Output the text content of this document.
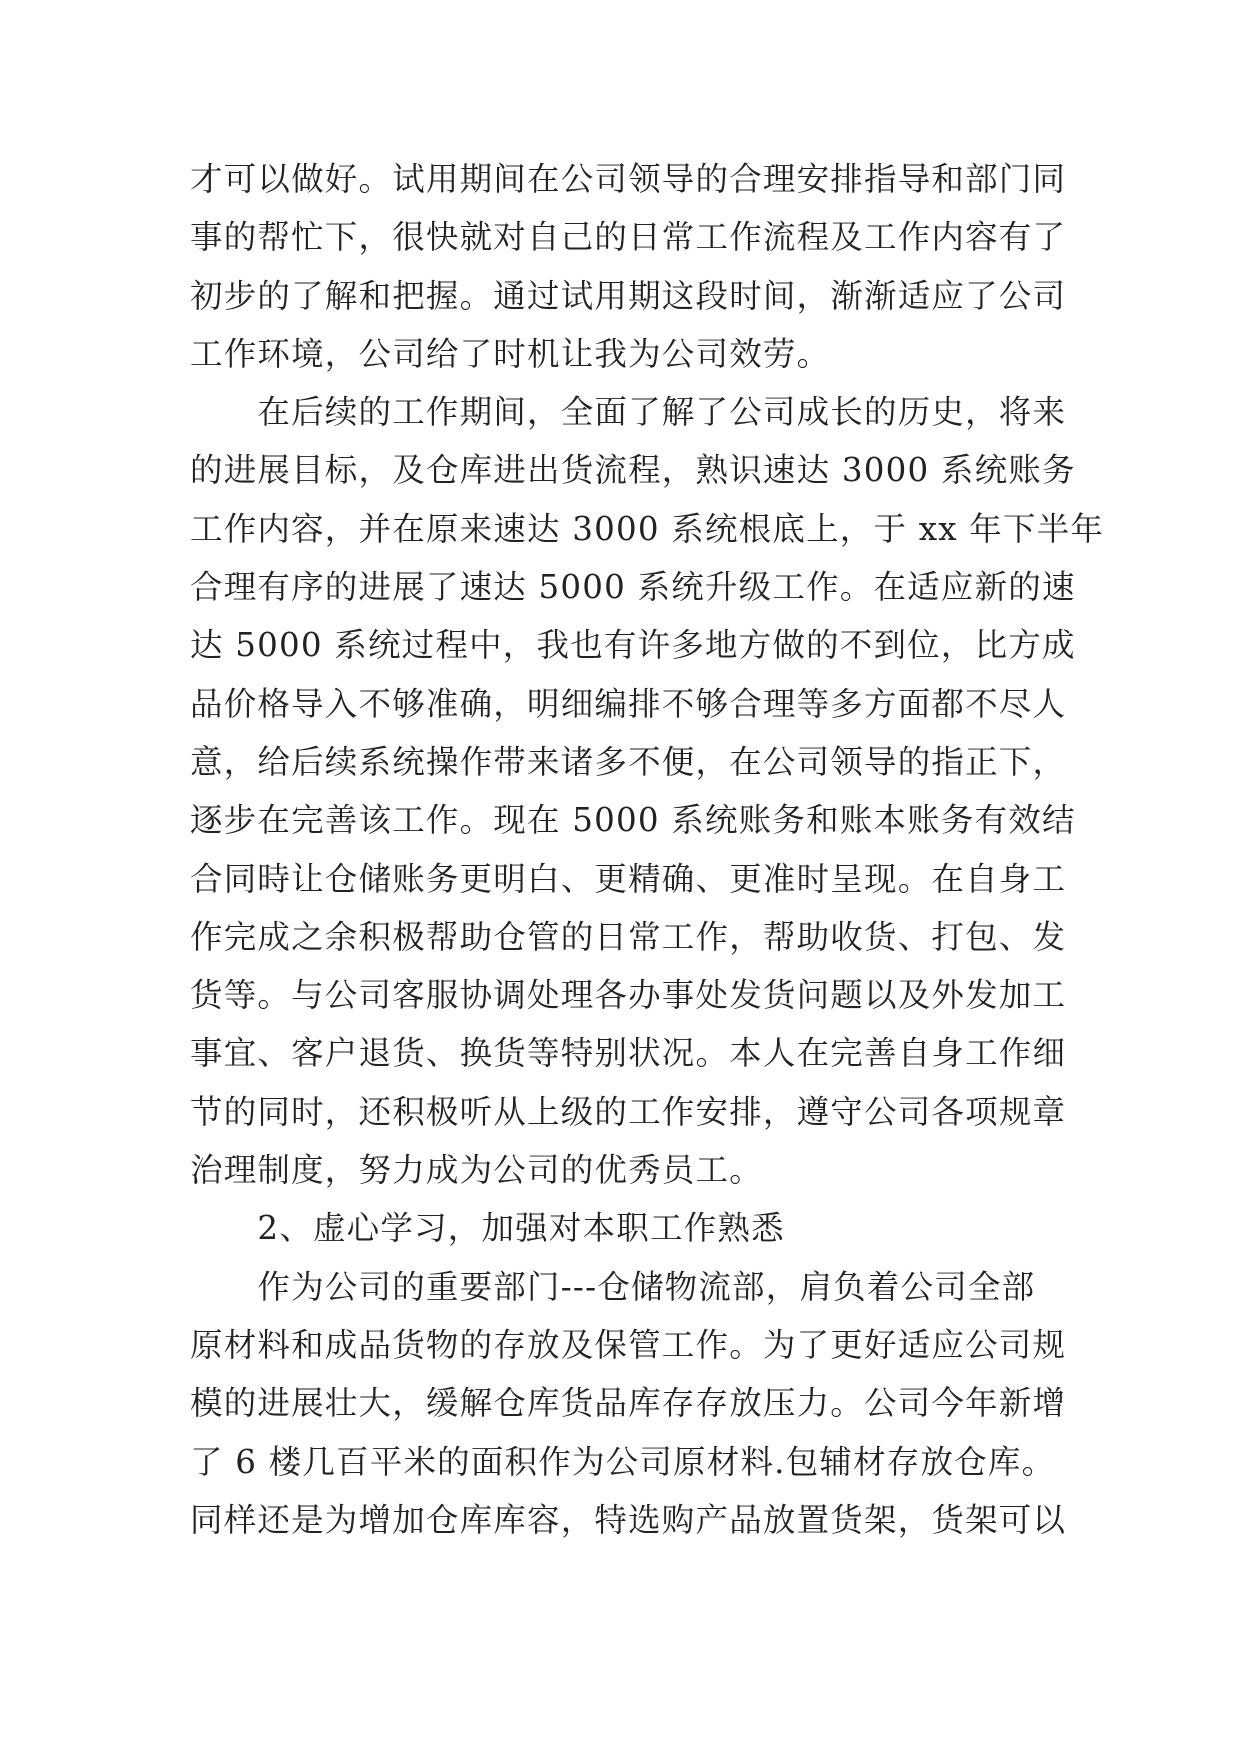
才可以做好。试用期间在公司领导的合理安排指导和部门同
事的帮忙下，很快就对自己的日常工作流程及工作内容有了
初步的了解和把握。通过试用期这段时间，渐渐适应了公司
工作环境，公司给了时机让我为公司效劳。
　　在后续的工作期间，全面了解了公司成长的历史，将来
的进展目标，及仓库进出货流程，熟识速达 3000 系统账务
工作内容，并在原来速达 3000 系统根底上，于 xx 年下半年
合理有序的进展了速达 5000 系统升级工作。在适应新的速
达 5000 系统过程中，我也有许多地方做的不到位，比方成
品价格导入不够准确，明细编排不够合理等多方面都不尽人
意，给后续系统操作带来诸多不便，在公司领导的指正下，
逐步在完善该工作。现在 5000 系统账务和账本账务有效结
合同時让仓储账务更明白、更精确、更准时呈现。在自身工
作完成之余积极帮助仓管的日常工作，帮助收货、打包、发
货等。与公司客服协调处理各办事处发货问题以及外发加工
事宜、客户退货、换货等特别状况。本人在完善自身工作细
节的同时，还积极听从上级的工作安排，遵守公司各项规章
治理制度，努力成为公司的优秀员工。
　　2、虚心学习，加强对本职工作熟悉
　　作为公司的重要部门---仓储物流部，肩负着公司全部
原材料和成品货物的存放及保管工作。为了更好适应公司规
模的进展壮大，缓解仓库货品库存存放压力。公司今年新增
了 6 楼几百平米的面积作为公司原材料.包辅材存放仓库。
同样还是为增加仓库库容，特选购产品放置货架，货架可以
